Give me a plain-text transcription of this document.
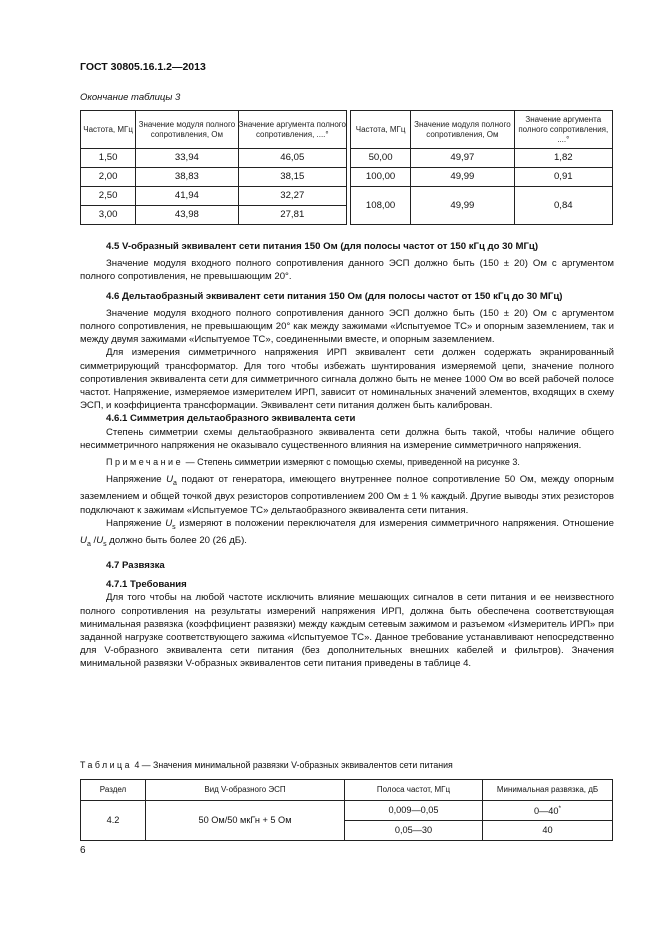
ГОСТ 30805.16.1.2—2013
Окончание таблицы 3
Частота, МГц	Значение модуля полного сопротивления, Ом	Значение аргумента полного сопротивления, ....°		Частота, МГц	Значение модуля полного сопротивления, Ом	Значение аргумента полного сопротивления, ....°
1,50	33,94	46,05		50,00	49,97	1,82
2,00	38,83	38,15		100,00	49,99	0,91
2,50	41,94	32,27		108,00	49,99	0,84
3,00	43,98	27,81				

4.5 V-образный эквивалент сети питания 150 Ом (для полосы частот от 150 кГц до 30 МГц)

Значение модуля входного полного сопротивления данного ЭСП должно быть (150 ± 20) Ом с аргументом полного сопротивления, не превышающим 20°.

4.6 Дельтаобразный эквивалент сети питания 150 Ом (для полосы частот от 150 кГц до 30 МГц)

Значение модуля входного полного сопротивления данного ЭСП должно быть (150 ± 20) Ом с аргументом полного сопротивления, не превышающим 20° как между зажимами «Испытуемое ТС» и опорным заземлением, так и между двумя зажимами «Испытуемое ТС», соединенными вместе, и опорным заземлением.

Для измерения симметричного напряжения ИРП эквивалент сети должен содержать экранированный симметрирующий трансформатор. Для того чтобы избежать шунтирования измеряемой цепи, значение полного сопротивления эквивалента сети для симметричного сигнала должно быть не менее 1000 Ом во всей рабочей полосе частот. Напряжение, измеряемое измерителем ИРП, зависит от номинальных значений элементов, входящих в схему ЭСП, и коэффициента трансформации. Эквивалент сети питания должен быть калиброван.

4.6.1 Симметрия дельтаобразного эквивалента сети

Степень симметрии схемы дельтаобразного эквивалента сети должна быть такой, чтобы наличие общего несимметричного напряжения не оказывало существенного влияния на измерение симметричного напряжения.

Примечание — Степень симметрии измеряют с помощью схемы, приведенной на рисунке 3.

Напряжение $U_a$ подают от генератора, имеющего внутреннее полное сопротивление 50 Ом, между опорным заземлением и общей точкой двух резисторов сопротивлением 200 Ом ± 1 % каждый. Другие выводы этих резисторов подключают к зажимам «Испытуемое ТС» дельтаобразного эквивалента сети питания.

Напряжение $U_s$ измеряют в положении переключателя для измерения симметричного напряжения. Отношение $U_a$ $/U_s$ должно быть более 20 (26 дБ).

4.7 Развязка

4.7.1 Требования

Для того чтобы на любой частоте исключить влияние мешающих сигналов в сети питания и ее неизвестного полного сопротивления на результаты измерений напряжения ИРП, должна быть обеспечена соответствующая минимальная развязка (коэффициент развязки) между каждым сетевым зажимом и разъемом «Измеритель ИРП» при заданной нагрузке соответствующего зажима «Испытуемое ТС». Данное требование устанавливают непосредственно для V-образного эквивалента сети питания (без дополнительных внешних кабелей и фильтров). Значения минимальной развязки V-образных эквивалентов сети питания приведены в таблице 4.

Таблица 4 — Значения минимальной развязки V-образных эквивалентов сети питания
Раздел	Вид V-образного ЭСП	Полоса частот, МГц	Минимальная развязка, дБ
4.2	50 Ом/50 мкГн + 5 Ом	0,009—0,05	0—40*
		0,05—30	40
6
